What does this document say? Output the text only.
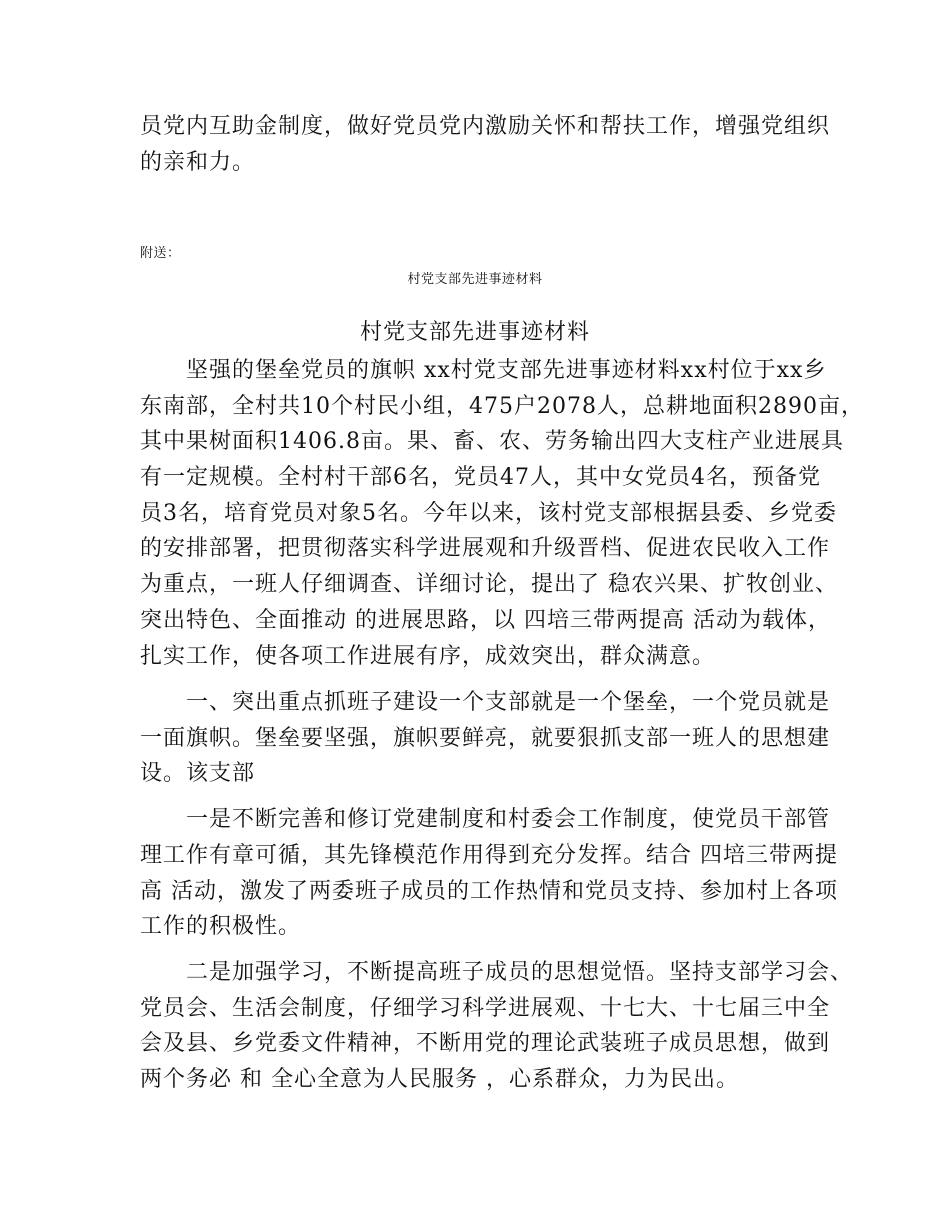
员党内互助金制度，做好党员党内激励关怀和帮扶工作，增强党组织
的亲和力。
附送：
村党支部先进事迹材料
村党支部先进事迹材料
坚强的堡垒党员的旗帜 xx村党支部先进事迹材料xx村位于xx乡
东南部，全村共10个村民小组，475户2078人，总耕地面积2890亩，
其中果树面积1406.8亩。果、畜、农、劳务输出四大支柱产业进展具
有一定规模。全村村干部6名，党员47人，其中女党员4名，预备党
员3名，培育党员对象5名。今年以来，该村党支部根据县委、乡党委
的安排部署，把贯彻落实科学进展观和升级晋档、促进农民收入工作
为重点，一班人仔细调查、详细讨论，提出了 稳农兴果、扩牧创业、
突出特色、全面推动 的进展思路，以 四培三带两提高 活动为载体，
扎实工作，使各项工作进展有序，成效突出，群众满意。
一、突出重点抓班子建设一个支部就是一个堡垒，一个党员就是
一面旗帜。堡垒要坚强，旗帜要鲜亮，就要狠抓支部一班人的思想建
设。该支部
一是不断完善和修订党建制度和村委会工作制度，使党员干部管
理工作有章可循，其先锋模范作用得到充分发挥。结合 四培三带两提
高 活动，激发了两委班子成员的工作热情和党员支持、参加村上各项
工作的积极性。
二是加强学习，不断提高班子成员的思想觉悟。坚持支部学习会、
党员会、生活会制度，仔细学习科学进展观、十七大、十七届三中全
会及县、乡党委文件精神，不断用党的理论武装班子成员思想，做到
两个务必 和 全心全意为人民服务 ，心系群众，力为民出。
